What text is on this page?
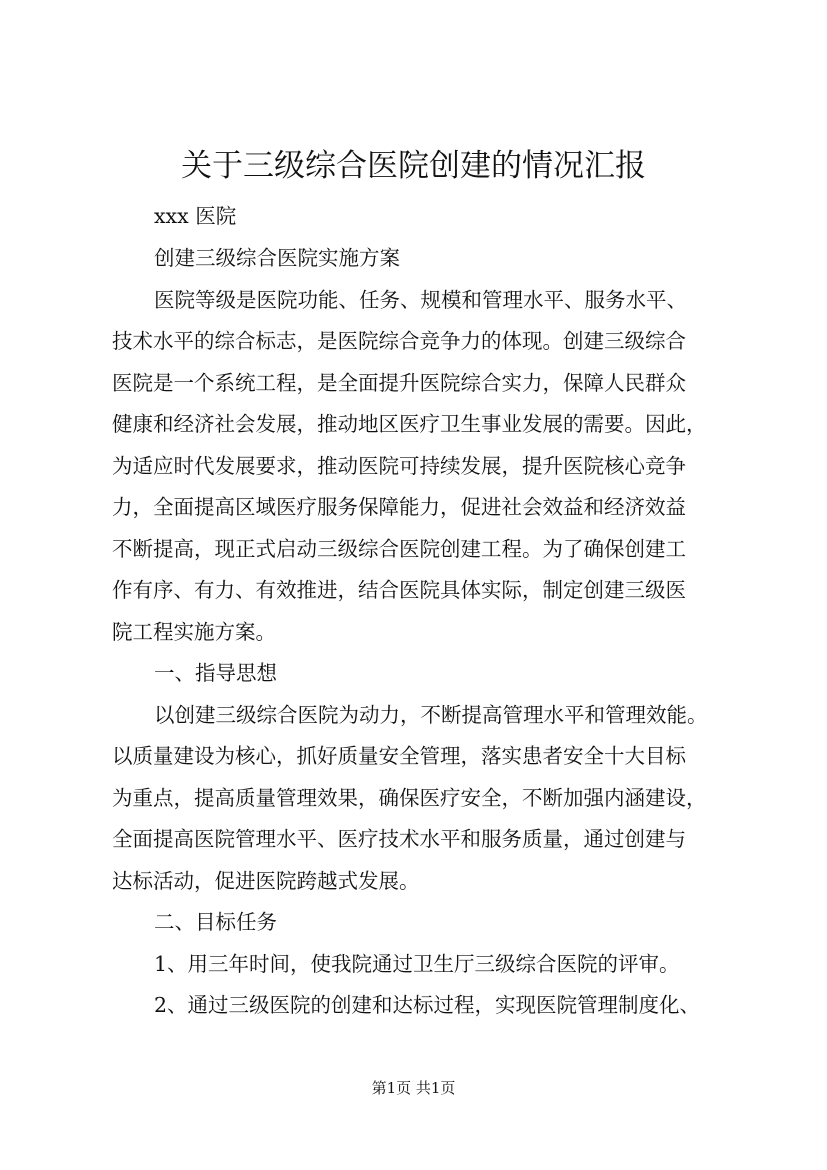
关于三级综合医院创建的情况汇报

xxx 医院

创建三级综合医院实施方案

医院等级是医院功能、任务、规模和管理水平、服务水平、

技术水平的综合标志，是医院综合竞争力的体现。创建三级综合

医院是一个系统工程，是全面提升医院综合实力，保障人民群众

健康和经济社会发展，推动地区医疗卫生事业发展的需要。因此，

为适应时代发展要求，推动医院可持续发展，提升医院核心竞争

力，全面提高区域医疗服务保障能力，促进社会效益和经济效益

不断提高，现正式启动三级综合医院创建工程。为了确保创建工

作有序、有力、有效推进，结合医院具体实际，制定创建三级医

院工程实施方案。

一、指导思想

以创建三级综合医院为动力，不断提高管理水平和管理效能。

以质量建设为核心，抓好质量安全管理，落实患者安全十大目标

为重点，提高质量管理效果，确保医疗安全，不断加强内涵建设，

全面提高医院管理水平、医疗技术水平和服务质量，通过创建与

达标活动，促进医院跨越式发展。

二、目标任务

1、用三年时间，使我院通过卫生厅三级综合医院的评审。

2、通过三级医院的创建和达标过程，实现医院管理制度化、

第1页 共1页
